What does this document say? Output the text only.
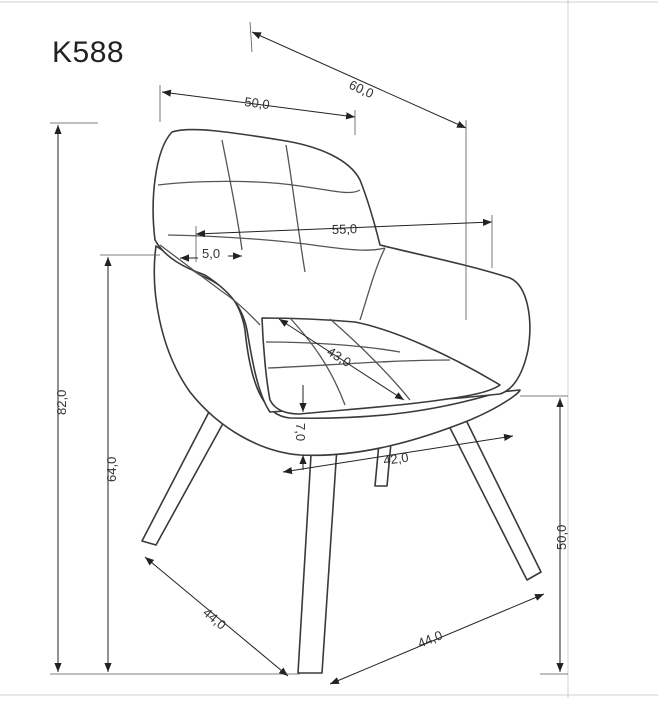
K588
60,0
50,0
55,0
5,0
43,0
7,0
42,0
82,0
64,0
50,0
44,0
44,0
